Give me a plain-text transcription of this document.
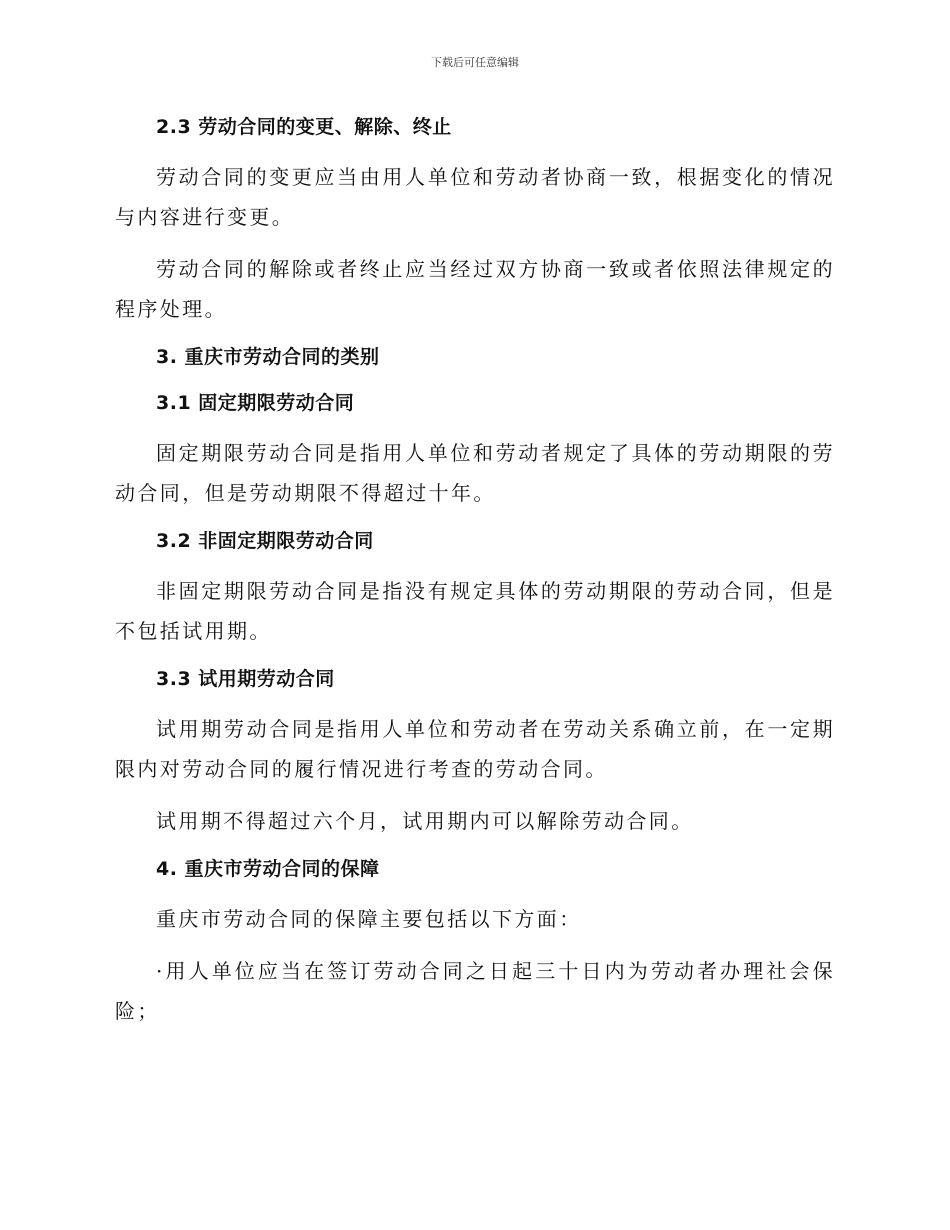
下载后可任意编辑
2.3 劳动合同的变更、解除、终止
劳动合同的变更应当由用人单位和劳动者协商一致，根据变化的情况与内容进行变更。
劳动合同的解除或者终止应当经过双方协商一致或者依照法律规定的程序处理。
3. 重庆市劳动合同的类别
3.1 固定期限劳动合同
固定期限劳动合同是指用人单位和劳动者规定了具体的劳动期限的劳动合同，但是劳动期限不得超过十年。
3.2 非固定期限劳动合同
非固定期限劳动合同是指没有规定具体的劳动期限的劳动合同，但是不包括试用期。
3.3 试用期劳动合同
试用期劳动合同是指用人单位和劳动者在劳动关系确立前，在一定期限内对劳动合同的履行情况进行考查的劳动合同。
试用期不得超过六个月，试用期内可以解除劳动合同。
4. 重庆市劳动合同的保障
重庆市劳动合同的保障主要包括以下方面：
·用人单位应当在签订劳动合同之日起三十日内为劳动者办理社会保险；
